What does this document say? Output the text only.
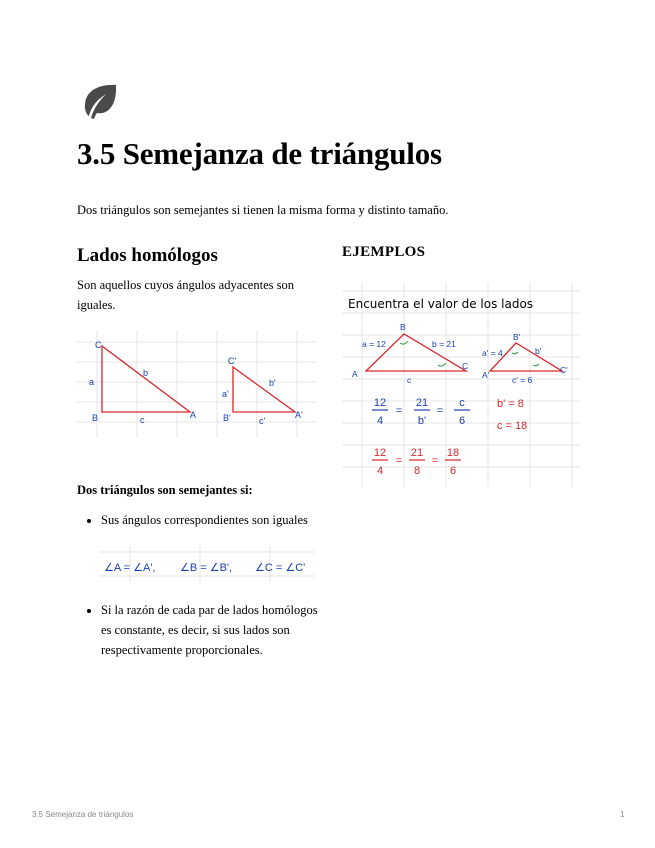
3.5 Semejanza de triángulos
Dos triángulos son semejantes si tienen la misma forma y distinto tamaño.
Lados homólogos
Son aquellos cuyos ángulos adyacentes son iguales.
C
b
a
B	c	A
C'
b'
a'
B'	c'
A'
EJEMPLOS
Encuentra el valor de los lados
B
a = 12	b = 21
A
C
c
B'
a' = 4	b'
A'	C'
c' = 6
12
4
=
21
b'
=
c
6
b' = 8
c = 18
12
4
=
21
8
=
18
6
Dos triángulos son semejantes si:
• Sus ángulos correspondientes son iguales
∠A = ∠A', ∠B = ∠B', ∠C = ∠C'
• Si la razón de cada par de lados homólogos es constante, es decir, si sus lados son respectivamente proporcionales.
3.5 Semejanza de triángulos	1
